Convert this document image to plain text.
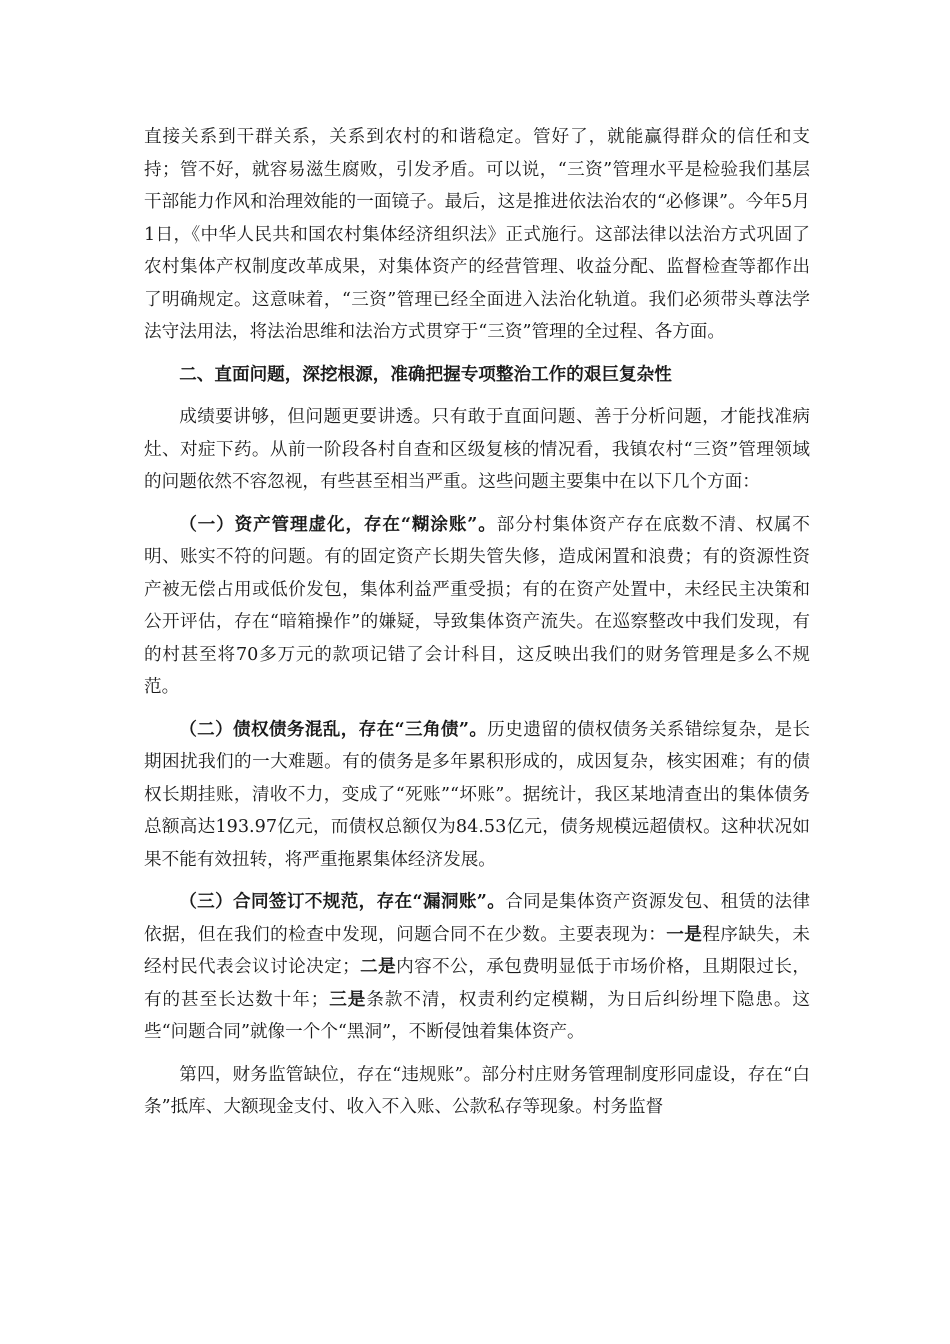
直接关系到干群关系，关系到农村的和谐稳定。管好了，就能赢得群众的信任和支持；管不好，就容易滋生腐败，引发矛盾。可以说，“三资”管理水平是检验我们基层干部能力作风和治理效能的一面镜子。最后，这是推进依法治农的“必修课”。今年5月1日，《中华人民共和国农村集体经济组织法》正式施行。这部法律以法治方式巩固了农村集体产权制度改革成果，对集体资产的经营管理、收益分配、监督检查等都作出了明确规定。这意味着，“三资”管理已经全面进入法治化轨道。我们必须带头尊法学法守法用法，将法治思维和法治方式贯穿于“三资”管理的全过程、各方面。

二、直面问题，深挖根源，准确把握专项整治工作的艰巨复杂性

成绩要讲够，但问题更要讲透。只有敢于直面问题、善于分析问题，才能找准病灶、对症下药。从前一阶段各村自查和区级复核的情况看，我镇农村“三资”管理领域的问题依然不容忽视，有些甚至相当严重。这些问题主要集中在以下几个方面：

（一）资产管理虚化，存在“糊涂账”。部分村集体资产存在底数不清、权属不明、账实不符的问题。有的固定资产长期失管失修，造成闲置和浪费；有的资源性资产被无偿占用或低价发包，集体利益严重受损；有的在资产处置中，未经民主决策和公开评估，存在“暗箱操作”的嫌疑，导致集体资产流失。在巡察整改中我们发现，有的村甚至将70多万元的款项记错了会计科目，这反映出我们的财务管理是多么不规范。

（二）债权债务混乱，存在“三角债”。历史遗留的债权债务关系错综复杂，是长期困扰我们的一大难题。有的债务是多年累积形成的，成因复杂，核实困难；有的债权长期挂账，清收不力，变成了“死账”“坏账”。据统计，我区某地清查出的集体债务总额高达193.97亿元，而债权总额仅为84.53亿元，债务规模远超债权。这种状况如果不能有效扭转，将严重拖累集体经济发展。

（三）合同签订不规范，存在“漏洞账”。合同是集体资产资源发包、租赁的法律依据，但在我们的检查中发现，问题合同不在少数。主要表现为：一是程序缺失，未经村民代表会议讨论决定；二是内容不公，承包费明显低于市场价格，且期限过长，有的甚至长达数十年；三是条款不清，权责利约定模糊，为日后纠纷埋下隐患。这些“问题合同”就像一个个“黑洞”，不断侵蚀着集体资产。

第四，财务监管缺位，存在“违规账”。部分村庄财务管理制度形同虚设，存在“白条”抵库、大额现金支付、收入不入账、公款私存等现象。村务监督
